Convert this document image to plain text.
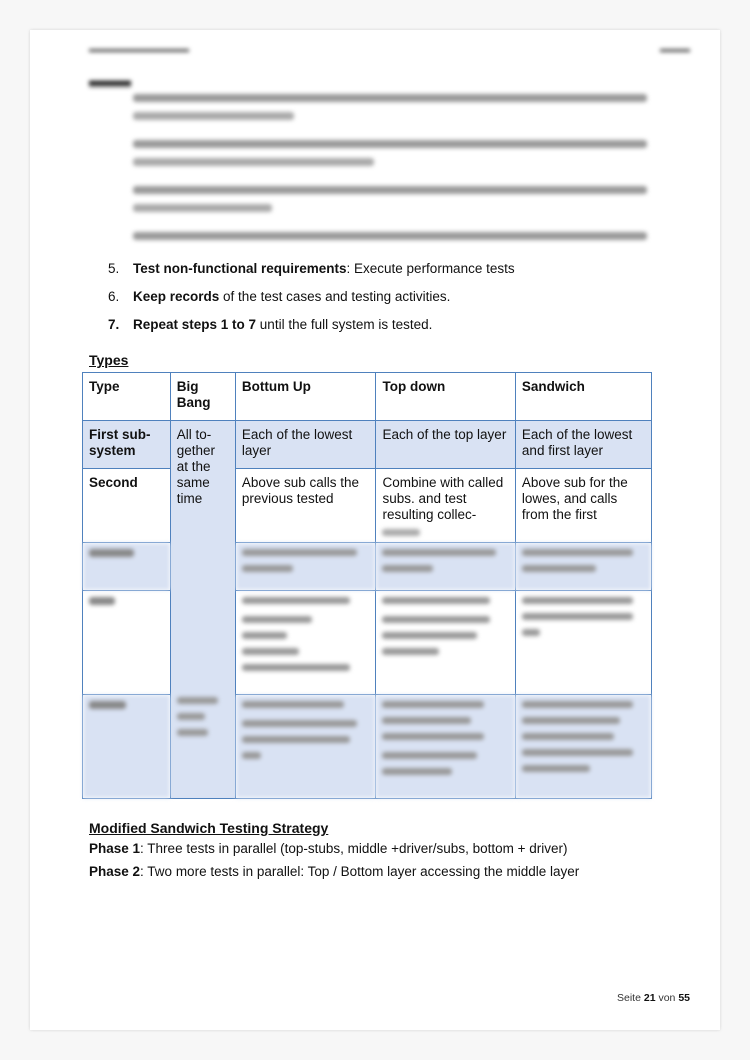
▬▬▬▬▬▬▬▬▬▬	▬▬▬
▬▬▬
5. Test non-functional requirements: Execute performance tests
6. Keep records of the test cases and testing activities.
7. Repeat steps 1 to 7 until the full system is tested.
Types
Type	Big Bang	Bottum Up	Top down	Sandwich
First sub-system	All to-gether at the same time	Each of the lowest layer	Each of the top layer	Each of the lowest and first layer
Second		Above sub calls the previous tested	Combine with called subs. and test resulting collec-	Above sub for the lowes, and calls from the first

Modified Sandwich Testing Strategy
Phase 1: Three tests in parallel (top-stubs, middle +driver/subs, bottom + driver)
Phase 2: Two more tests in parallel: Top / Bottom layer accessing the middle layer
Seite 21 von 55
